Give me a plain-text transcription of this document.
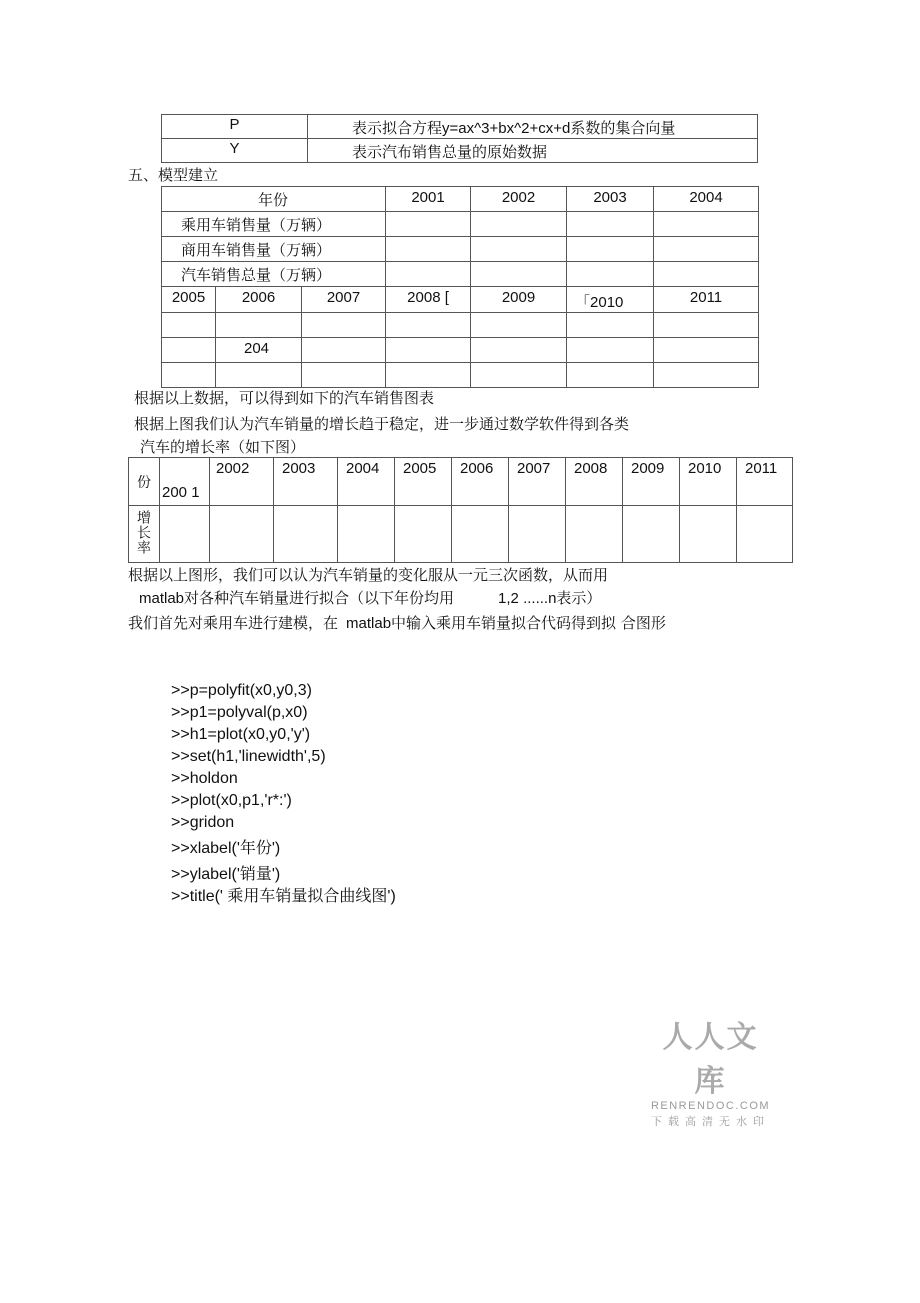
P	表示拟合方程y=ax^3+bx^2+cx+d系数的集合向量
Y	表示汽布销售总量的原始数据
五、模型建立
年份			2001	2002	2003	2004
乘用车销售量（万辆）						
商用车销售量（万辆）						
汽车销售总量（万辆）						
2005	2006	2007	2008 [	2009	「2010	2011

	204					

根据以上数据，可以得到如下的汽车销售图表
根据上图我们认为汽车销量的增长趋于稳定，进一步通过数学软件得到各类
汽车的增长率（如下图）
份	200 1	2002	2003	2004	2005	2006	2007	2008	2009	2010	2011
增长率											
根据以上图形，我们可以认为汽车销量的变化服从一元三次函数，从而用
matlab对各种汽车销量进行拟合（以下年份均用	1,2 ......n表示）
我们首先对乘用车进行建模，在 matlab中输入乘用车销量拟合代码得到拟 合图形
>>p=polyfit(x0,y0,3)
>>p1=polyval(p,x0)
>>h1=plot(x0,y0,'y')
>>set(h1,'linewidth',5)
>>holdon
>>plot(x0,p1,'r*:')
>>gridon
>>xlabel('年份')
>>ylabel('销量')
>>title(' 乘用车销量拟合曲线图')
人人文库
RENRENDOC.COM
下载高清无水印
